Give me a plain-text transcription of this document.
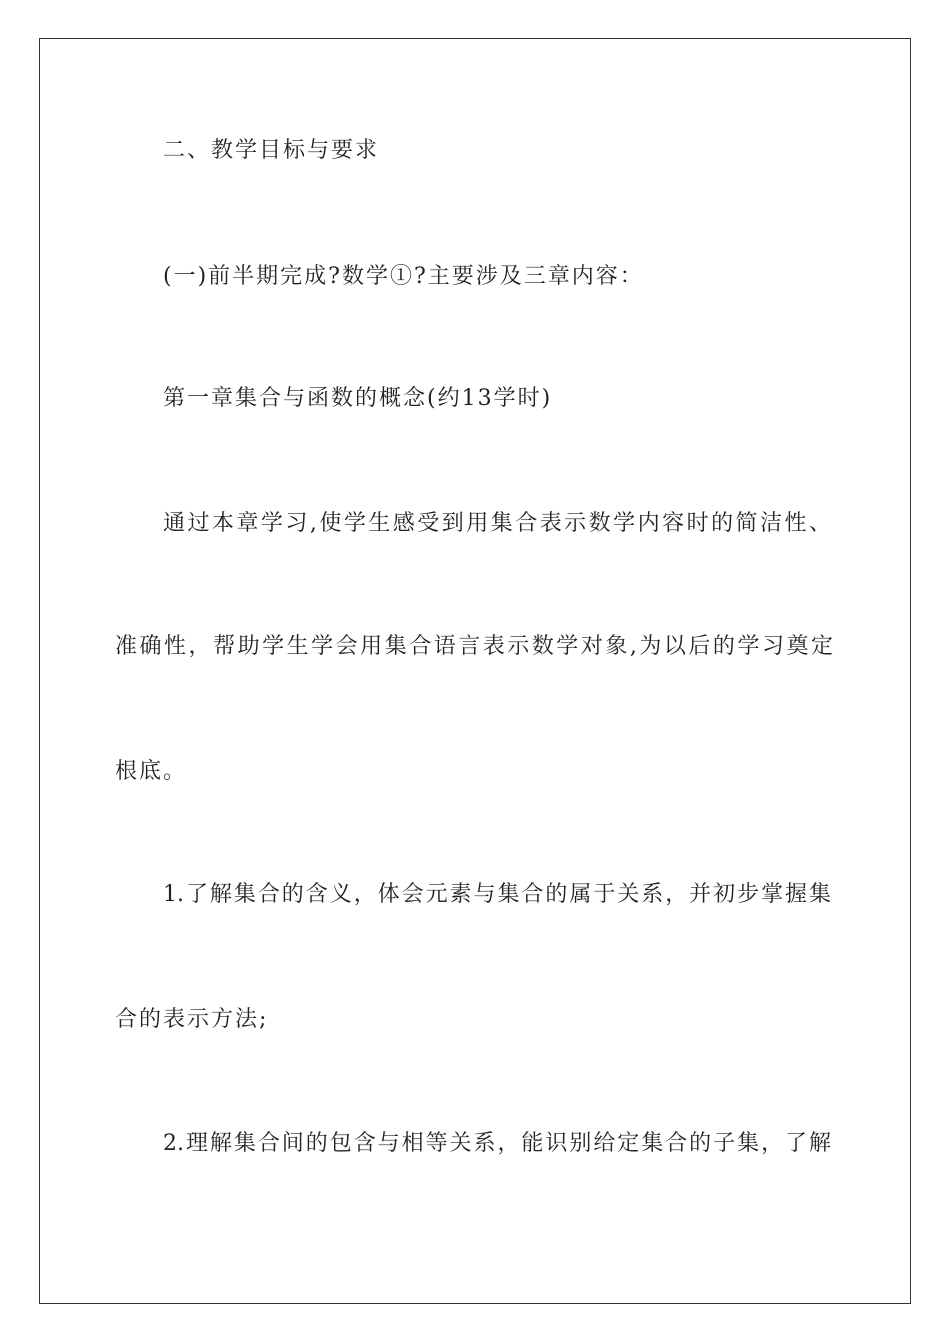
二、教学目标与要求
(一)前半期完成?数学①?主要涉及三章内容：
第一章集合与函数的概念(约13学时)
通过本章学习,使学生感受到用集合表示数学内容时的简洁性、
准确性，帮助学生学会用集合语言表示数学对象,为以后的学习奠定
根底。
1.了解集合的含义，体会元素与集合的属于关系，并初步掌握集
合的表示方法;
2.理解集合间的包含与相等关系，能识别给定集合的子集，了解
